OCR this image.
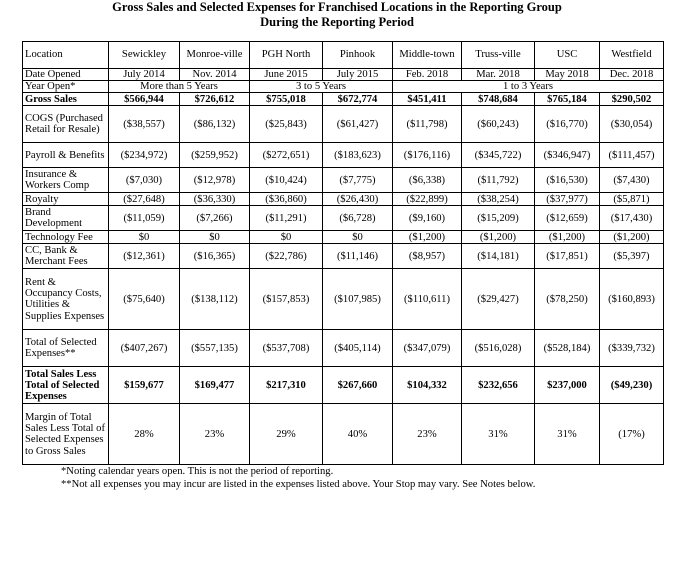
Gross Sales and Selected Expenses for Franchised Locations in the Reporting Group
During the Reporting Period
Location	Sewickley	Monroe-ville	PGH North	Pinhook	Middle-town	Truss-ville	USC	Westfield
Date Opened	July 2014	Nov. 2014	June 2015	July 2015	Feb. 2018	Mar. 2018	May 2018	Dec. 2018
Year Open*	More than 5 Years		3 to 5 Years		1 to 3 Years			
Gross Sales	$566,944	$726,612	$755,018	$672,774	$451,411	$748,684	$765,184	$290,502
COGS (Purchased Retail for Resale)	($38,557)	($86,132)	($25,843)	($61,427)	($11,798)	($60,243)	($16,770)	($30,054)
Payroll & Benefits	($234,972)	($259,952)	($272,651)	($183,623)	($176,116)	($345,722)	($346,947)	($111,457)
Insurance & Workers Comp	($7,030)	($12,978)	($10,424)	($7,775)	($6,338)	($11,792)	($16,530)	($7,430)
Royalty	($27,648)	($36,330)	($36,860)	($26,430)	($22,899)	($38,254)	($37,977)	($5,871)
Brand Development	($11,059)	($7,266)	($11,291)	($6,728)	($9,160)	($15,209)	($12,659)	($17,430)
Technology Fee	$0	$0	$0	$0	($1,200)	($1,200)	($1,200)	($1,200)
CC, Bank & Merchant Fees	($12,361)	($16,365)	($22,786)	($11,146)	($8,957)	($14,181)	($17,851)	($5,397)
Rent & Occupancy Costs, Utilities & Supplies Expenses	($75,640)	($138,112)	($157,853)	($107,985)	($110,611)	($29,427)	($78,250)	($160,893)
Total of Selected Expenses**	($407,267)	($557,135)	($537,708)	($405,114)	($347,079)	($516,028)	($528,184)	($339,732)
Total Sales Less Total of Selected Expenses	$159,677	$169,477	$217,310	$267,660	$104,332	$232,656	$237,000	($49,230)
Margin of Total Sales Less Total of Selected Expenses to Gross Sales	28%	23%	29%	40%	23%	31%	31%	(17%)
*Noting calendar years open. This is not the period of reporting.
**Not all expenses you may incur are listed in the expenses listed above. Your Stop may vary. See Notes below.
